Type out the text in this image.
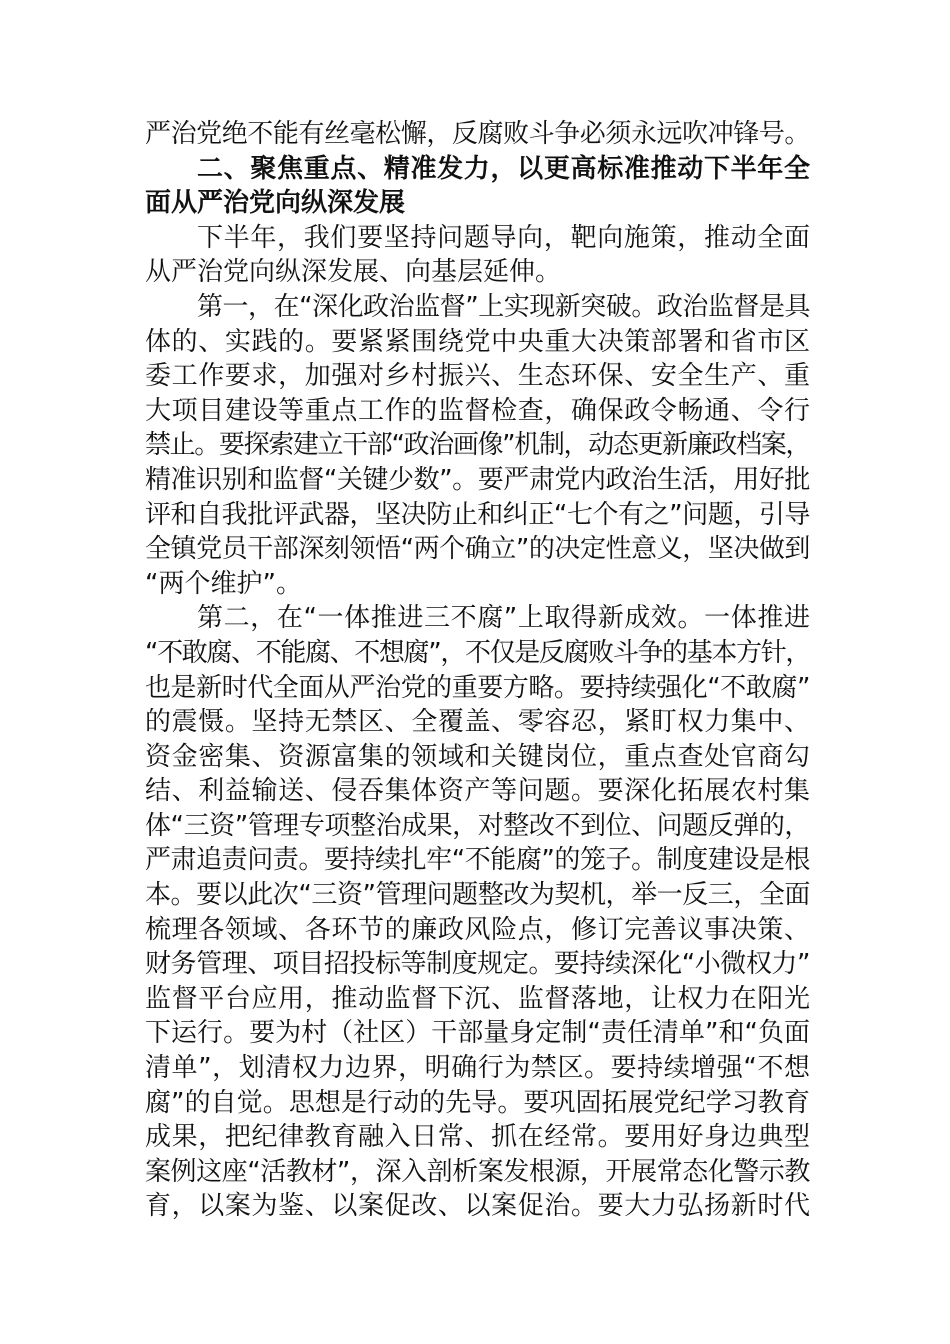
严治党绝不能有丝毫松懈，反腐败斗争必须永远吹冲锋号。
二、聚焦重点、精准发力，以更高标准推动下半年全
面从严治党向纵深发展
下半年，我们要坚持问题导向，靶向施策，推动全面
从严治党向纵深发展、向基层延伸。
第一，在“深化政治监督”上实现新突破。政治监督是具
体的、实践的。要紧紧围绕党中央重大决策部署和省市区
委工作要求，加强对乡村振兴、生态环保、安全生产、重
大项目建设等重点工作的监督检查，确保政令畅通、令行
禁止。要探索建立干部“政治画像”机制，动态更新廉政档案，
精准识别和监督“关键少数”。要严肃党内政治生活，用好批
评和自我批评武器，坚决防止和纠正“七个有之”问题，引导
全镇党员干部深刻领悟“两个确立”的决定性意义，坚决做到
“两个维护”。
第二，在“一体推进三不腐”上取得新成效。一体推进
“不敢腐、不能腐、不想腐”，不仅是反腐败斗争的基本方针，
也是新时代全面从严治党的重要方略。要持续强化“不敢腐”
的震慑。坚持无禁区、全覆盖、零容忍，紧盯权力集中、
资金密集、资源富集的领域和关键岗位，重点查处官商勾
结、利益输送、侵吞集体资产等问题。要深化拓展农村集
体“三资”管理专项整治成果，对整改不到位、问题反弹的，
严肃追责问责。要持续扎牢“不能腐”的笼子。制度建设是根
本。要以此次“三资”管理问题整改为契机，举一反三，全面
梳理各领域、各环节的廉政风险点，修订完善议事决策、
财务管理、项目招投标等制度规定。要持续深化“小微权力”
监督平台应用，推动监督下沉、监督落地，让权力在阳光
下运行。要为村（社区）干部量身定制“责任清单”和“负面
清单”，划清权力边界，明确行为禁区。要持续增强“不想
腐”的自觉。思想是行动的先导。要巩固拓展党纪学习教育
成果，把纪律教育融入日常、抓在经常。要用好身边典型
案例这座“活教材”，深入剖析案发根源，开展常态化警示教
育，以案为鉴、以案促改、以案促治。要大力弘扬新时代
